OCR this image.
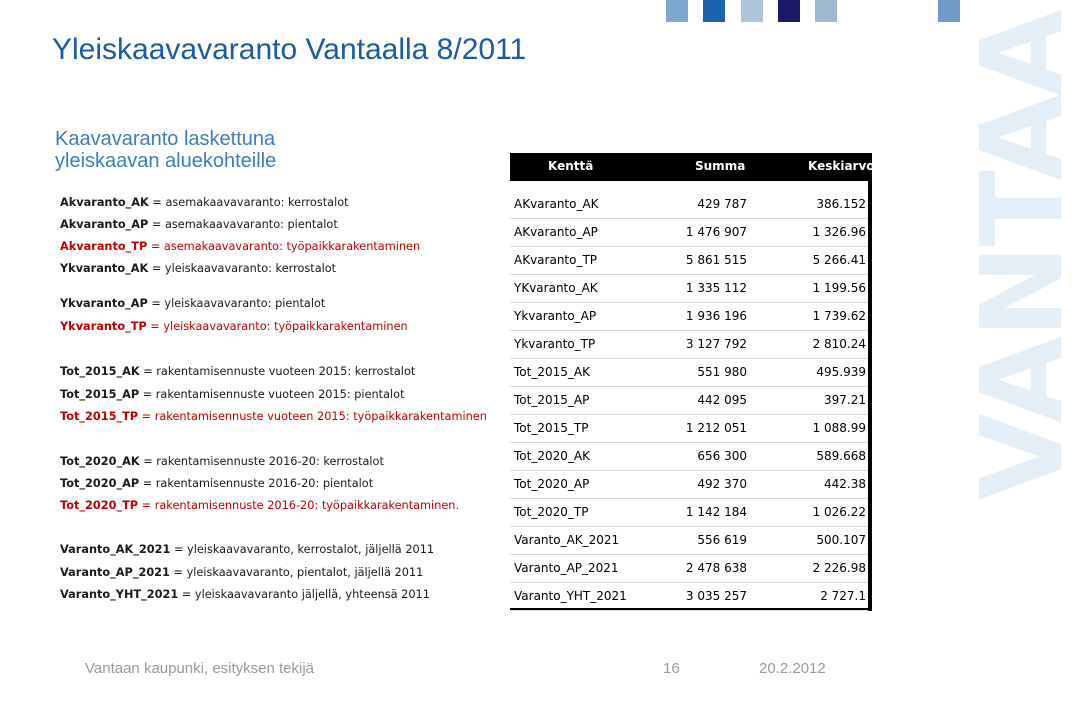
VANTAA
Yleiskaavavaranto Vantaalla 8/2011
Kaavavaranto laskettuna
yleiskaavan aluekohteille
Akvaranto_AK = asemakaavavaranto: kerrostalot
Akvaranto_AP = asemakaavavaranto: pientalot
Akvaranto_TP = asemakaavavaranto: työpaikkarakentaminen
Ykvaranto_AK = yleiskaavavaranto: kerrostalot
Ykvaranto_AP = yleiskaavavaranto: pientalot
Ykvaranto_TP = yleiskaavavaranto: työpaikkarakentaminen
Tot_2015_AK = rakentamisennuste vuoteen 2015: kerrostalot
Tot_2015_AP = rakentamisennuste vuoteen 2015: pientalot
Tot_2015_TP = rakentamisennuste vuoteen 2015: työpaikkarakentaminen
Tot_2020_AK = rakentamisennuste 2016-20: kerrostalot
Tot_2020_AP = rakentamisennuste 2016-20: pientalot
Tot_2020_TP = rakentamisennuste 2016-20: työpaikkarakentaminen.
Varanto_AK_2021 = yleiskaavavaranto, kerrostalot, jäljellä 2011
Varanto_AP_2021 = yleiskaavavaranto, pientalot, jäljellä 2011
Varanto_YHT_2021 = yleiskaavavaranto jäljellä, yhteensä 2011
Kenttä	Summa	Keskiarvo
AKvaranto_AK	429 787	386.152
AKvaranto_AP	1 476 907	1 326.96
AKvaranto_TP	5 861 515	5 266.41
YKvaranto_AK	1 335 112	1 199.56
Ykvaranto_AP	1 936 196	1 739.62
Ykvaranto_TP	3 127 792	2 810.24
Tot_2015_AK	551 980	495.939
Tot_2015_AP	442 095	397.21
Tot_2015_TP	1 212 051	1 088.99
Tot_2020_AK	656 300	589.668
Tot_2020_AP	492 370	442.38
Tot_2020_TP	1 142 184	1 026.22
Varanto_AK_2021	556 619	500.107
Varanto_AP_2021	2 478 638	2 226.98
Varanto_YHT_2021	3 035 257	2 727.1
Vantaan kaupunki, esityksen tekijä	16	20.2.2012
